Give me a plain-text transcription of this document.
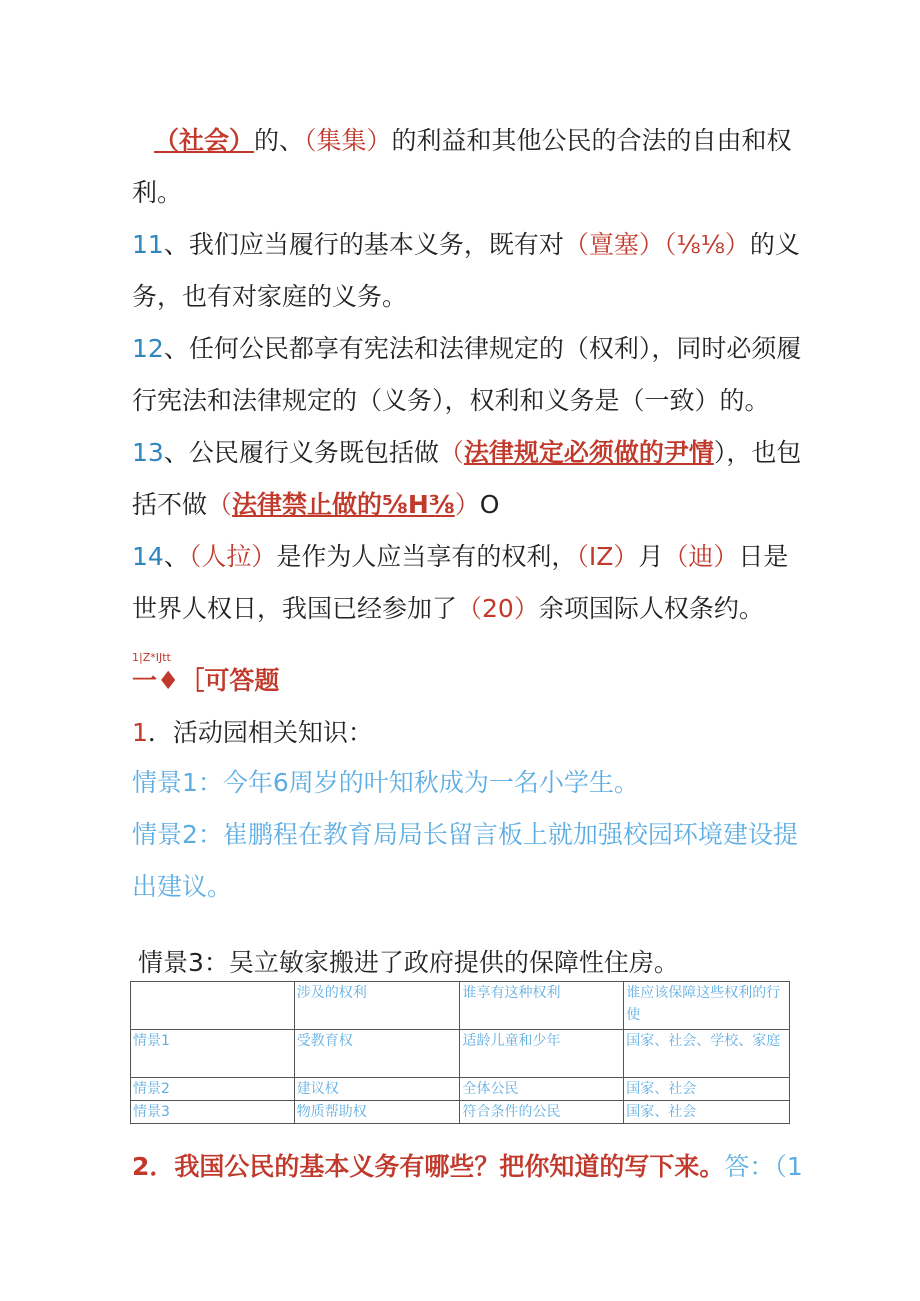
（社会）的、（集集）的利益和其他公民的合法的自由和权
利。
11、我们应当履行的基本义务，既有对（亶塞）（⅛⅛）的义
务，也有对家庭的义务。
12、任何公民都享有宪法和法律规定的（权利），同时必须履
行宪法和法律规定的（义务），权利和义务是（一致）的。
13、公民履行义务既包括做（法律规定必须做的尹情），也包
括不做（法律禁止做的⅝H⅜）O
14、（人拉）是作为人应当享有的权利，（IZ）月（迪）日是
世界人权日，我国已经参加了（20）余项国际人权条约。
1|Z*IJtt
一♦［可答题
1．活动园相关知识：
情景1：今年6周岁的叶知秋成为一名小学生。
情景2：崔鹏程在教育局局长留言板上就加强校园环境建设提
出建议。
情景3：吴立敏家搬进了政府提供的保障性住房。
	涉及的权利	谁享有这种权利	谁应该保障这些权利的行使
情景1	受教育权	适龄儿童和少年	国家、社会、学校、家庭
情景2	建议权	全体公民	国家、社会
情景3	物质帮助权	符合条件的公民	国家、社会
2．我国公民的基本义务有哪些？把你知道的写下来。答：（1
